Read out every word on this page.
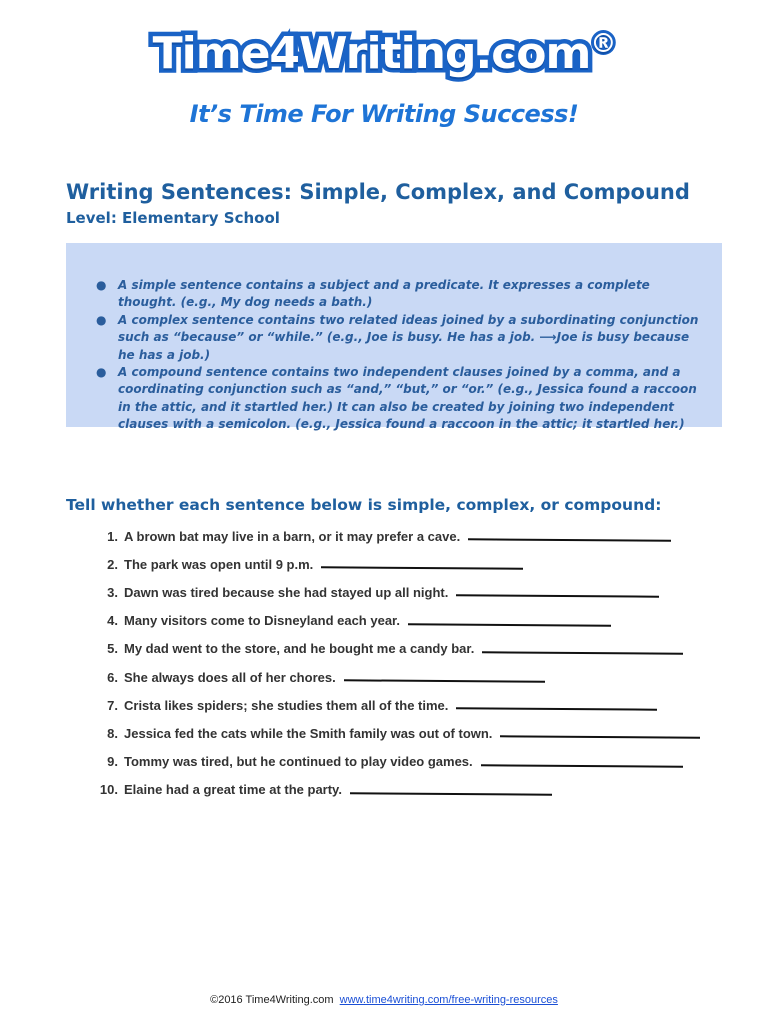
Time4Writing.com®
It’s Time For Writing Success!
Writing Sentences: Simple, Complex, and Compound
Level: Elementary School
● A simple sentence contains a subject and a predicate. It expresses a complete thought. (e.g., My dog needs a bath.)
● A complex sentence contains two related ideas joined by a subordinating conjunction such as “because” or “while.” (e.g., Joe is busy. He has a job. ⟶Joe is busy because he has a job.)
● A compound sentence contains two independent clauses joined by a comma, and a coordinating conjunction such as “and,” “but,” or “or.” (e.g., Jessica found a raccoon in the attic, and it startled her.) It can also be created by joining two independent clauses with a semicolon. (e.g., Jessica found a raccoon in the attic; it startled her.)
Tell whether each sentence below is simple, complex, or compound:
1. A brown bat may live in a barn, or it may prefer a cave.
2. The park was open until 9 p.m.
3. Dawn was tired because she had stayed up all night.
4. Many visitors come to Disneyland each year.
5. My dad went to the store, and he bought me a candy bar.
6. She always does all of her chores.
7. Crista likes spiders; she studies them all of the time.
8. Jessica fed the cats while the Smith family was out of town.
9. Tommy was tired, but he continued to play video games.
10. Elaine had a great time at the party.
©2016 Time4Writing.com www.time4writing.com/free-writing-resources
